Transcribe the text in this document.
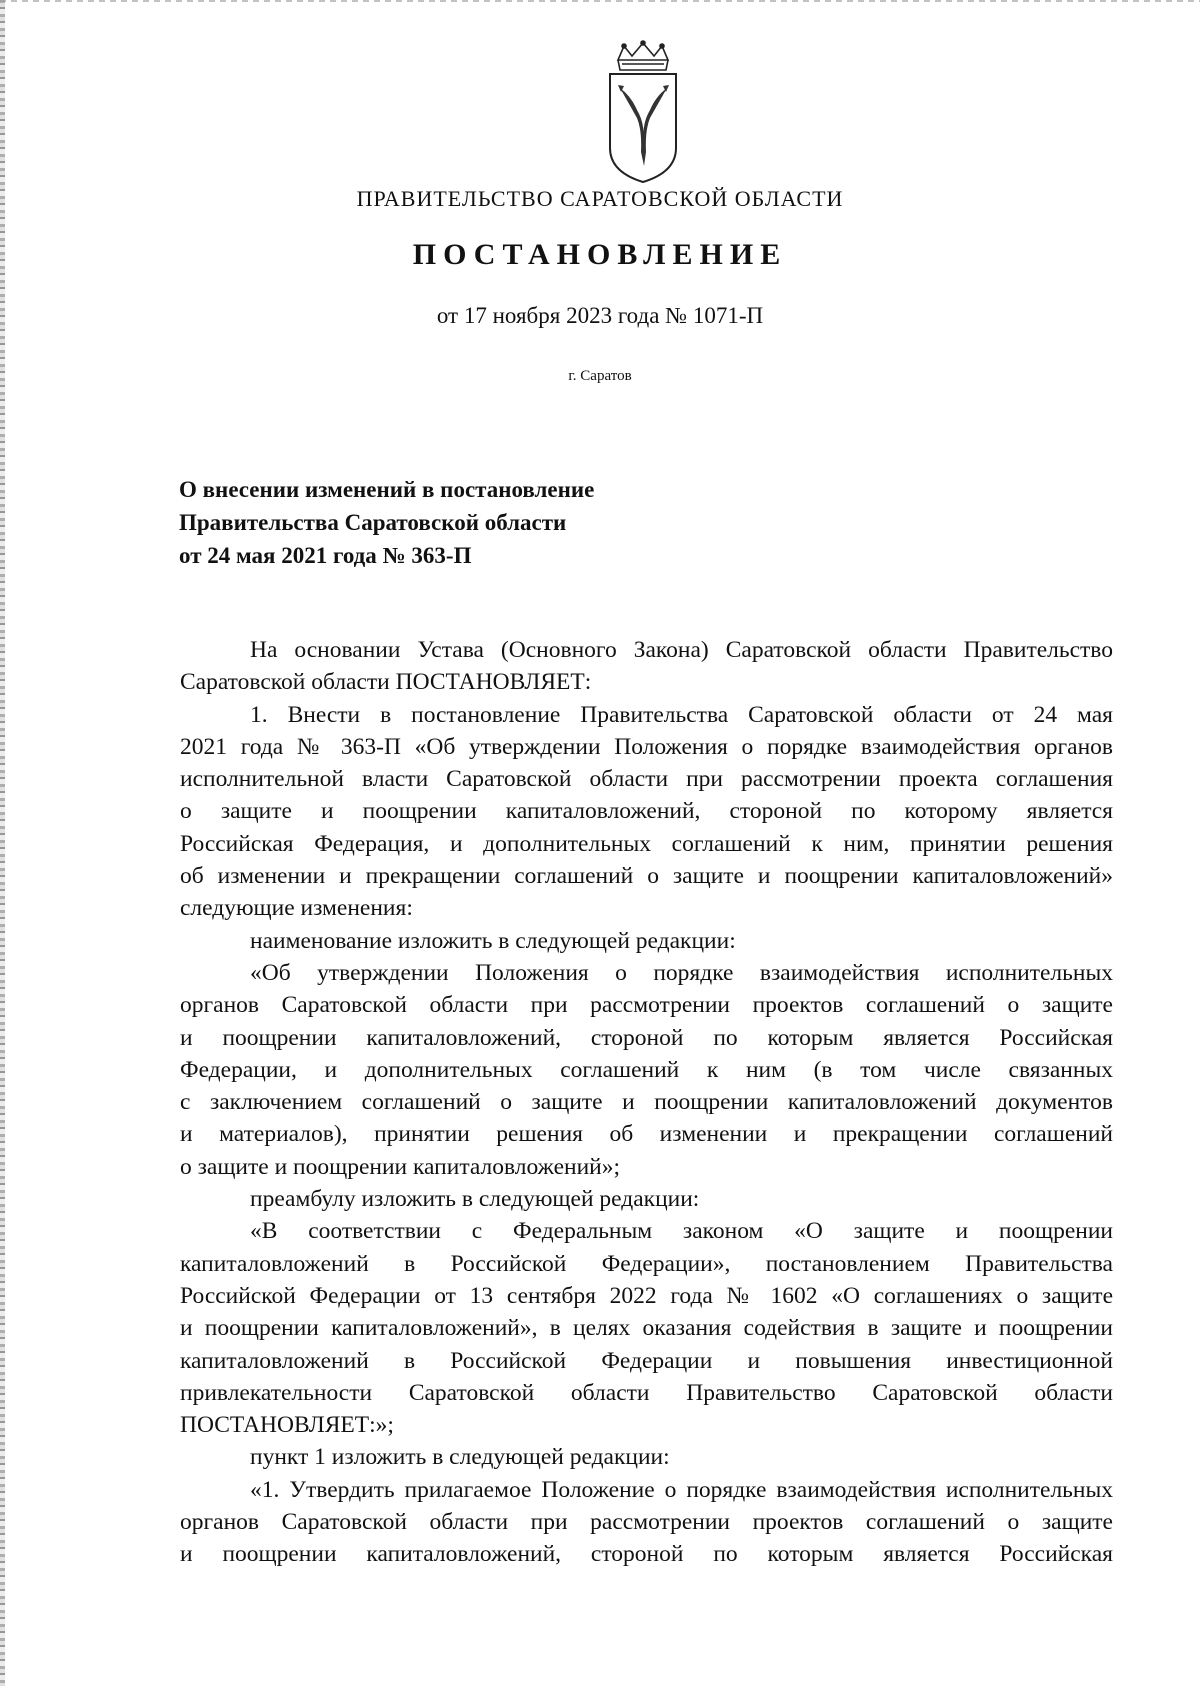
ПРАВИТЕЛЬСТВО САРАТОВСКОЙ ОБЛАСТИ
ПОСТАНОВЛЕНИЕ
от 17 ноября 2023 года № 1071-П
г. Саратов
О внесении изменений в постановление
Правительства Саратовской области
от 24 мая 2021 года № 363-П
На основании Устава (Основного Закона) Саратовской области Правительство
Саратовской области ПОСТАНОВЛЯЕТ:
1. Внести в постановление Правительства Саратовской области от 24 мая
2021 года № 363-П «Об утверждении Положения о порядке взаимодействия органов
исполнительной власти Саратовской области при рассмотрении проекта соглашения
о защите и поощрении капиталовложений, стороной по которому является
Российская Федерация, и дополнительных соглашений к ним, принятии решения
об изменении и прекращении соглашений о защите и поощрении капиталовложений»
следующие изменения:
наименование изложить в следующей редакции:
«Об утверждении Положения о порядке взаимодействия исполнительных
органов Саратовской области при рассмотрении проектов соглашений о защите
и поощрении капиталовложений, стороной по которым является Российская
Федерации, и дополнительных соглашений к ним (в том числе связанных
с заключением соглашений о защите и поощрении капиталовложений документов
и материалов), принятии решения об изменении и прекращении соглашений
о защите и поощрении капиталовложений»;
преамбулу изложить в следующей редакции:
«В соответствии с Федеральным законом «О защите и поощрении
капиталовложений в Российской Федерации», постановлением Правительства
Российской Федерации от 13 сентября 2022 года № 1602 «О соглашениях о защите
и поощрении капиталовложений», в целях оказания содействия в защите и поощрении
капиталовложений в Российской Федерации и повышения инвестиционной
привлекательности Саратовской области Правительство Саратовской области
ПОСТАНОВЛЯЕТ:»;
пункт 1 изложить в следующей редакции:
«1. Утвердить прилагаемое Положение о порядке взаимодействия исполнительных
органов Саратовской области при рассмотрении проектов соглашений о защите
и поощрении капиталовложений, стороной по которым является Российская
